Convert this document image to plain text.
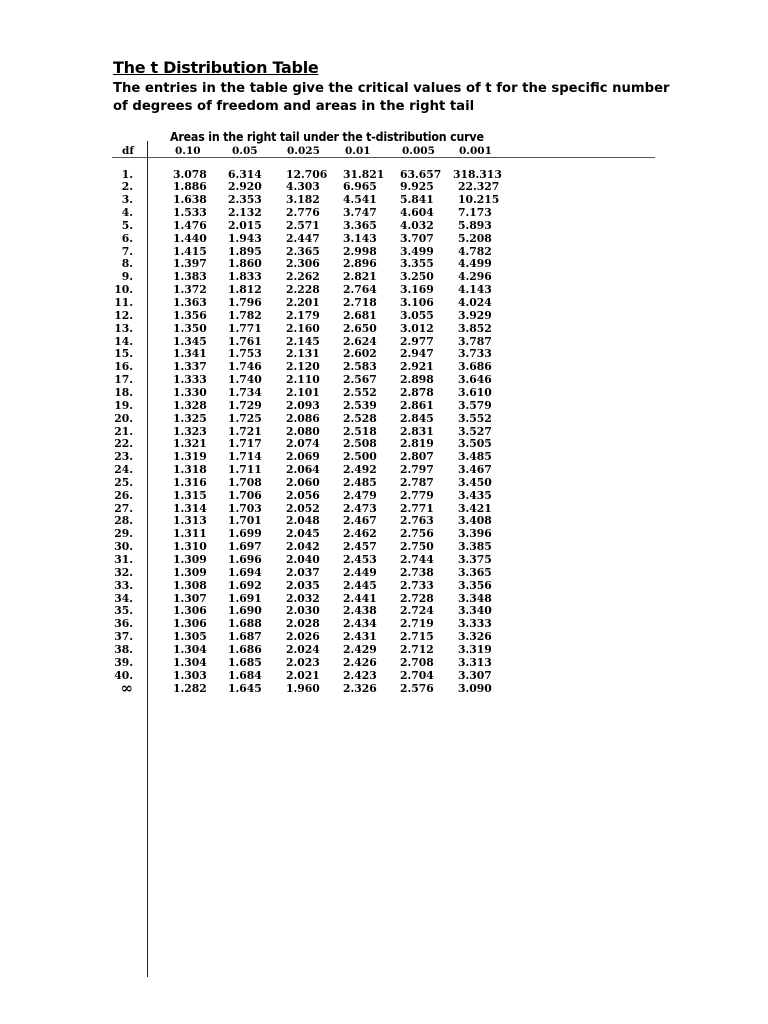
The t Distribution Table
The entries in the table give the critical values of t for the specific number of degrees of freedom and areas in the right tail
Areas in the right tail under the t-distribution curve
df	0.10	0.05	0.025 0.01	0.005 0.001
1.	3.078 6.314 12.706 31.821 63.657 318.313
2.	1.886 2.920 4.303 6.965 9.925 22.327
3.	1.638 2.353 3.182 4.541 5.841 10.215
4.	1.533 2.132 2.776 3.747 4.604 7.173
5.	1.476 2.015 2.571 3.365 4.032 5.893
6.	1.440 1.943 2.447 3.143 3.707 5.208
7.	1.415 1.895 2.365 2.998 3.499 4.782
8.	1.397 1.860 2.306 2.896 3.355 4.499
9.	1.383 1.833 2.262 2.821 3.250 4.296
10.	1.372 1.812 2.228 2.764 3.169 4.143
11.	1.363 1.796 2.201 2.718 3.106 4.024
12.	1.356 1.782 2.179 2.681 3.055 3.929
13.	1.350 1.771 2.160 2.650 3.012 3.852
14.	1.345 1.761 2.145 2.624 2.977 3.787
15.	1.341 1.753 2.131 2.602 2.947 3.733
16.	1.337 1.746 2.120 2.583 2.921 3.686
17.	1.333 1.740 2.110 2.567 2.898 3.646
18.	1.330 1.734 2.101 2.552 2.878 3.610
19.	1.328 1.729 2.093 2.539 2.861 3.579
20.	1.325 1.725 2.086 2.528 2.845 3.552
21.	1.323 1.721 2.080 2.518 2.831 3.527
22.	1.321 1.717 2.074 2.508 2.819 3.505
23.	1.319 1.714 2.069 2.500 2.807 3.485
24.	1.318 1.711 2.064 2.492 2.797 3.467
25.	1.316 1.708 2.060 2.485 2.787 3.450
26.	1.315 1.706 2.056 2.479 2.779 3.435
27.	1.314 1.703 2.052 2.473 2.771 3.421
28.	1.313 1.701 2.048 2.467 2.763 3.408
29.	1.311 1.699 2.045 2.462 2.756 3.396
30.	1.310 1.697 2.042 2.457 2.750 3.385
31.	1.309 1.696 2.040 2.453 2.744 3.375
32.	1.309 1.694 2.037 2.449 2.738 3.365
33.	1.308 1.692 2.035 2.445 2.733 3.356
34.	1.307 1.691 2.032 2.441 2.728 3.348
35.	1.306 1.690 2.030 2.438 2.724 3.340
36.	1.306 1.688 2.028 2.434 2.719 3.333
37.	1.305 1.687 2.026 2.431 2.715 3.326
38.	1.304 1.686 2.024 2.429 2.712 3.319
39.	1.304 1.685 2.023 2.426 2.708 3.313
40.	1.303 1.684 2.021 2.423 2.704 3.307
∞	1.282 1.645 1.960 2.326 2.576 3.090
